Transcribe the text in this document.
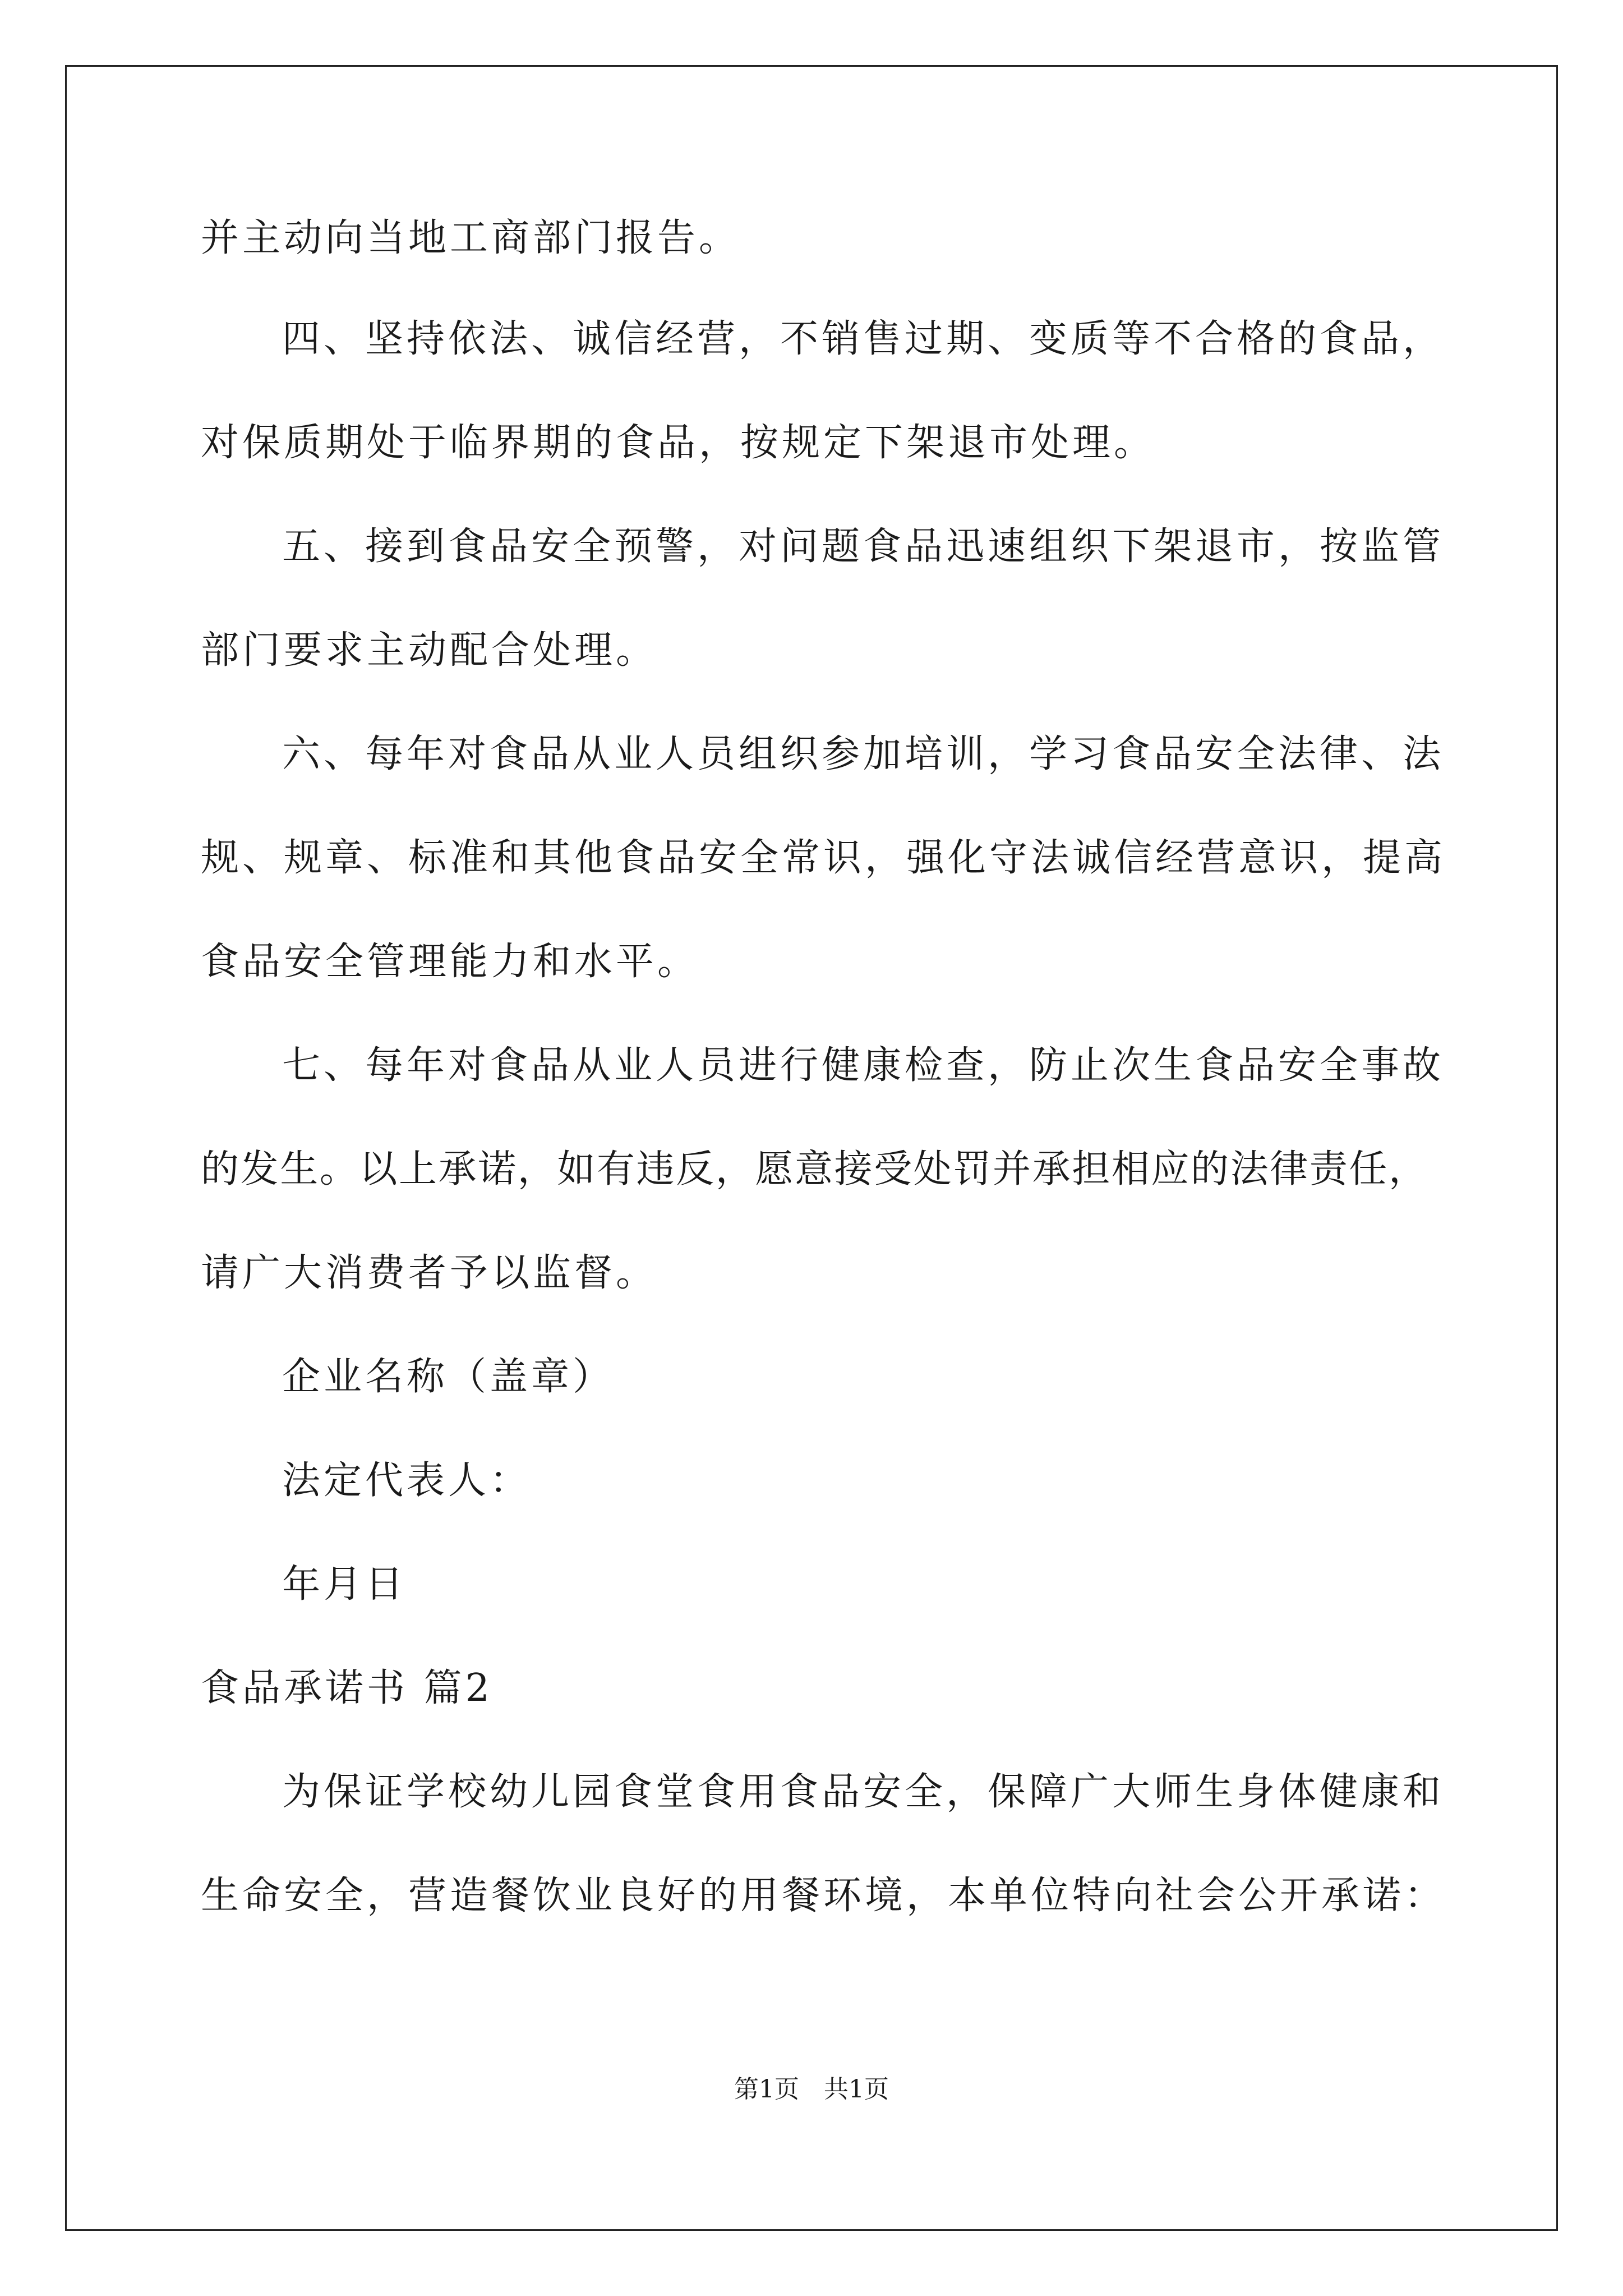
并主动向当地工商部门报告。
四、坚持依法、诚信经营，不销售过期、变质等不合格的食品，
对保质期处于临界期的食品，按规定下架退市处理。
五、接到食品安全预警，对问题食品迅速组织下架退市，按监管
部门要求主动配合处理。
六、每年对食品从业人员组织参加培训，学习食品安全法律、法
规、规章、标准和其他食品安全常识，强化守法诚信经营意识，提高
食品安全管理能力和水平。
七、每年对食品从业人员进行健康检查，防止次生食品安全事故
的发生。以上承诺，如有违反，愿意接受处罚并承担相应的法律责任，
请广大消费者予以监督。
企业名称（盖章）
法定代表人：
年月日
食品承诺书 篇2
为保证学校幼儿园食堂食用食品安全，保障广大师生身体健康和
生命安全，营造餐饮业良好的用餐环境，本单位特向社会公开承诺：
第1页　共1页
